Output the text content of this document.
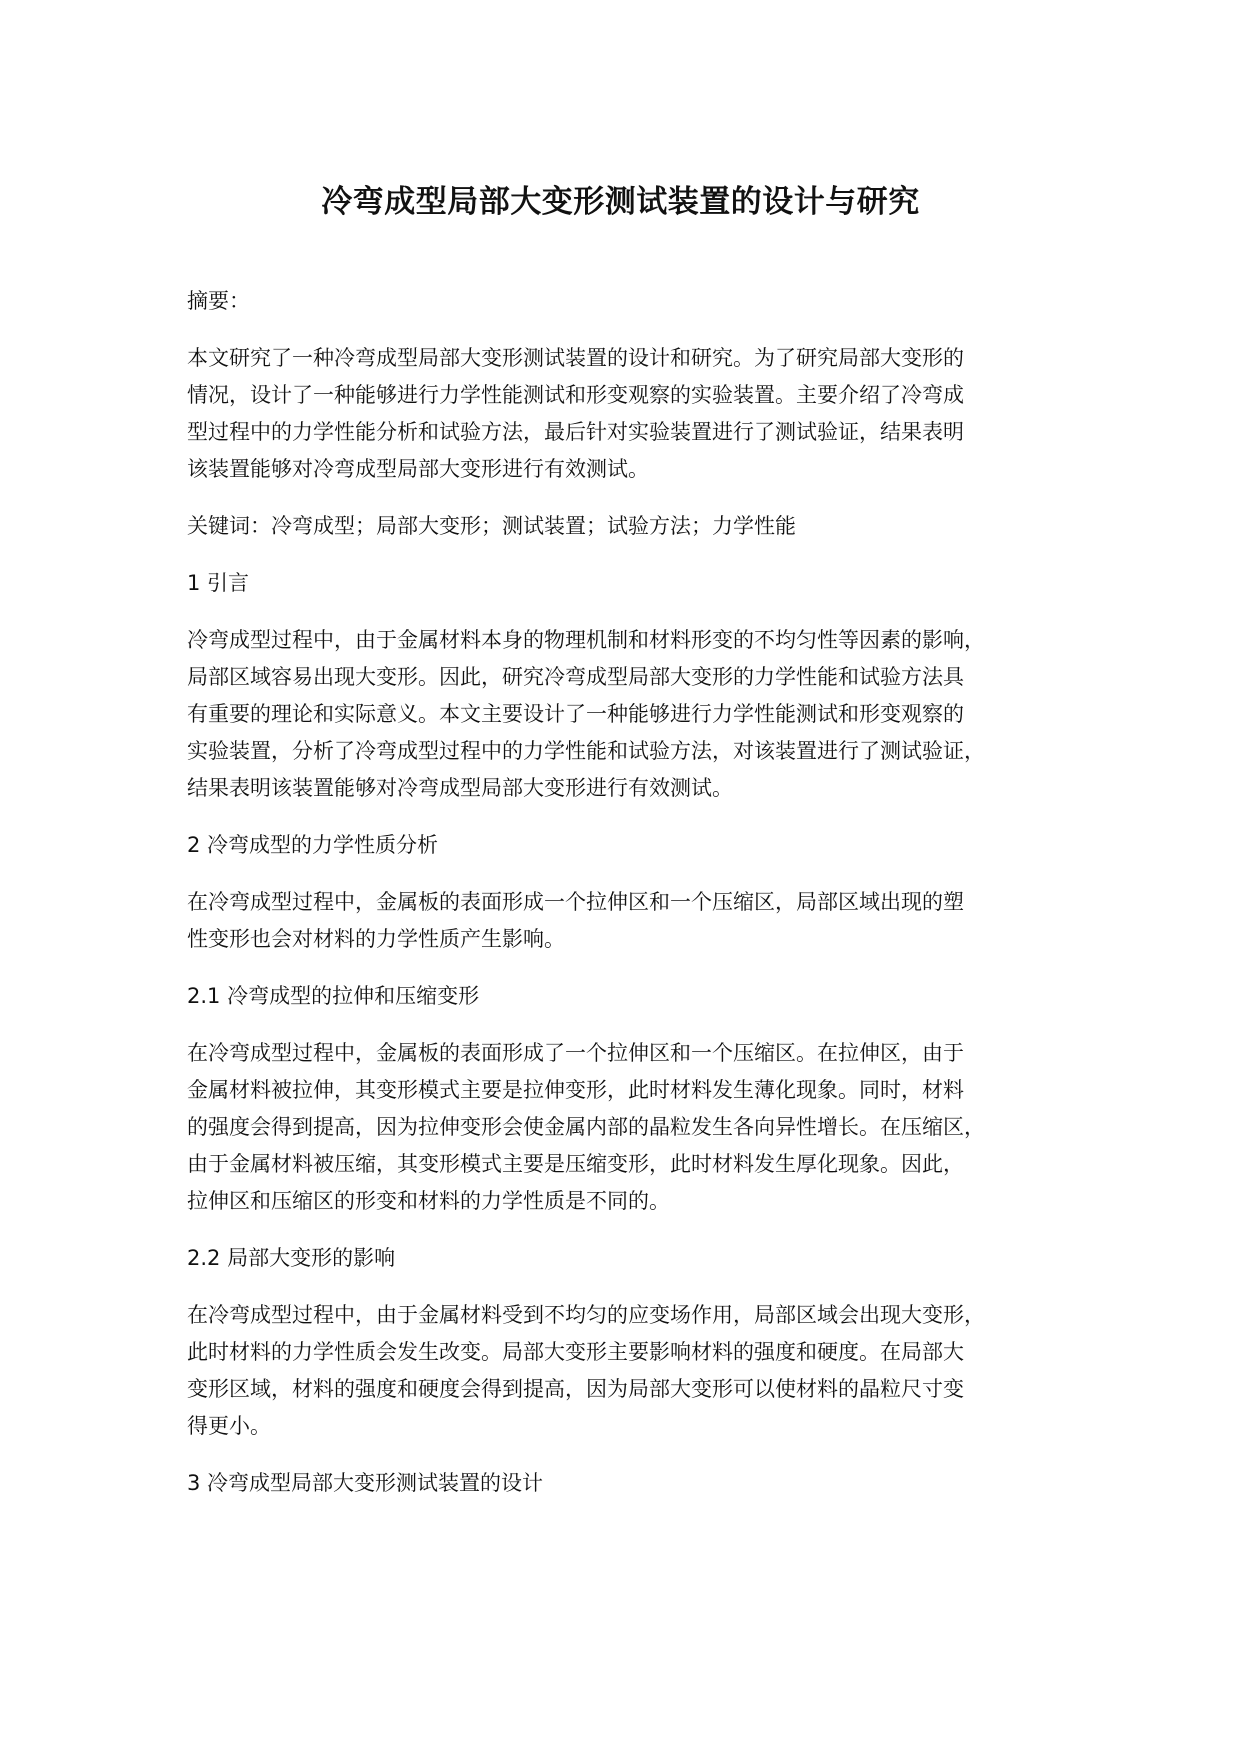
冷弯成型局部大变形测试装置的设计与研究

摘要：

本文研究了一种冷弯成型局部大变形测试装置的设计和研究。为了研究局部大变形的
情况，设计了一种能够进行力学性能测试和形变观察的实验装置。主要介绍了冷弯成
型过程中的力学性能分析和试验方法，最后针对实验装置进行了测试验证，结果表明
该装置能够对冷弯成型局部大变形进行有效测试。

关键词：冷弯成型；局部大变形；测试装置；试验方法；力学性能

1 引言

冷弯成型过程中，由于金属材料本身的物理机制和材料形变的不均匀性等因素的影响，
局部区域容易出现大变形。因此，研究冷弯成型局部大变形的力学性能和试验方法具
有重要的理论和实际意义。本文主要设计了一种能够进行力学性能测试和形变观察的
实验装置，分析了冷弯成型过程中的力学性能和试验方法，对该装置进行了测试验证，
结果表明该装置能够对冷弯成型局部大变形进行有效测试。

2 冷弯成型的力学性质分析

在冷弯成型过程中，金属板的表面形成一个拉伸区和一个压缩区，局部区域出现的塑
性变形也会对材料的力学性质产生影响。

2.1 冷弯成型的拉伸和压缩变形

在冷弯成型过程中，金属板的表面形成了一个拉伸区和一个压缩区。在拉伸区，由于
金属材料被拉伸，其变形模式主要是拉伸变形，此时材料发生薄化现象。同时，材料
的强度会得到提高，因为拉伸变形会使金属内部的晶粒发生各向异性增长。在压缩区，
由于金属材料被压缩，其变形模式主要是压缩变形，此时材料发生厚化现象。因此，
拉伸区和压缩区的形变和材料的力学性质是不同的。

2.2 局部大变形的影响

在冷弯成型过程中，由于金属材料受到不均匀的应变场作用，局部区域会出现大变形，
此时材料的力学性质会发生改变。局部大变形主要影响材料的强度和硬度。在局部大
变形区域，材料的强度和硬度会得到提高，因为局部大变形可以使材料的晶粒尺寸变
得更小。

3 冷弯成型局部大变形测试装置的设计
